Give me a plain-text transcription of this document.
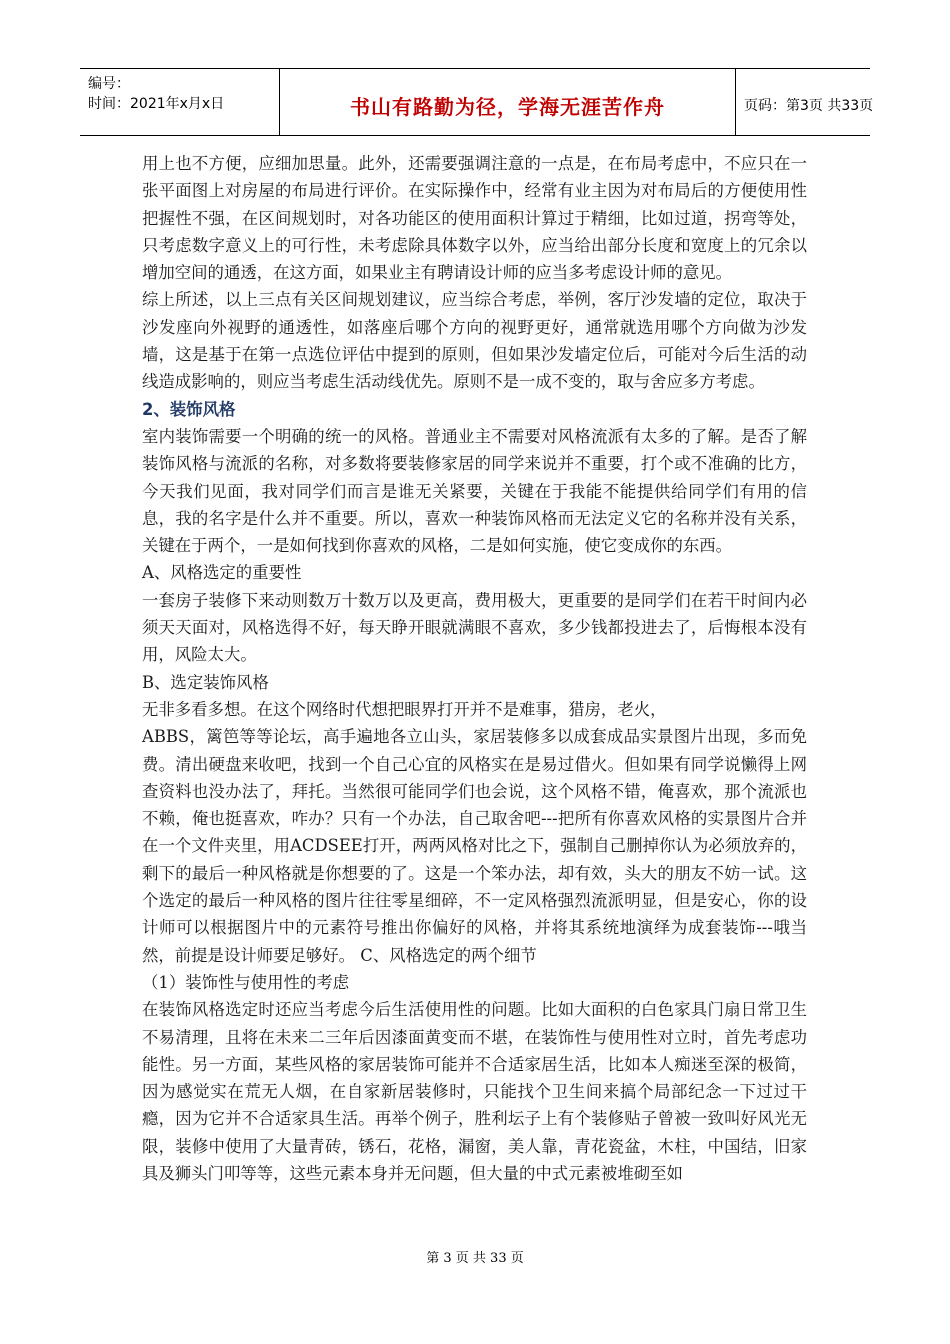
编号：
时间：2021年x月x日	书山有路勤为径，学海无涯苦作舟	页码：第3页 共33页

用上也不方便，应细加思量。此外，还需要强调注意的一点是，在布局考虑中，不应只在一张平面图上对房屋的布局进行评价。在实际操作中，经常有业主因为对布局后的方便使用性把握性不强，在区间规划时，对各功能区的使用面积计算过于精细，比如过道，拐弯等处，只考虑数字意义上的可行性，未考虑除具体数字以外，应当给出部分长度和宽度上的冗余以增加空间的通透，在这方面，如果业主有聘请设计师的应当多考虑设计师的意见。

综上所述，以上三点有关区间规划建议，应当综合考虑，举例，客厅沙发墙的定位，取决于沙发座向外视野的通透性，如落座后哪个方向的视野更好，通常就选用哪个方向做为沙发墙，这是基于在第一点选位评估中提到的原则，但如果沙发墙定位后，可能对今后生活的动线造成影响的，则应当考虑生活动线优先。原则不是一成不变的，取与舍应多方考虑。

2、装饰风格

室内装饰需要一个明确的统一的风格。普通业主不需要对风格流派有太多的了解。是否了解装饰风格与流派的名称，对多数将要装修家居的同学来说并不重要，打个或不准确的比方，今天我们见面，我对同学们而言是谁无关紧要，关键在于我能不能提供给同学们有用的信息，我的名字是什么并不重要。所以，喜欢一种装饰风格而无法定义它的名称并没有关系，关键在于两个，一是如何找到你喜欢的风格，二是如何实施，使它变成你的东西。

A、风格选定的重要性

一套房子装修下来动则数万十数万以及更高，费用极大，更重要的是同学们在若干时间内必须天天面对，风格选得不好，每天睁开眼就满眼不喜欢，多少钱都投进去了，后悔根本没有用，风险太大。

B、选定装饰风格

无非多看多想。在这个网络时代想把眼界打开并不是难事，猎房，老火，

ABBS，篱笆等等论坛，高手遍地各立山头，家居装修多以成套成品实景图片出现，多而免费。清出硬盘来收吧，找到一个自己心宜的风格实在是易过借火。但如果有同学说懒得上网查资料也没办法了，拜托。当然很可能同学们也会说，这个风格不错，俺喜欢，那个流派也不赖，俺也挺喜欢，咋办？只有一个办法，自己取舍吧---把所有你喜欢风格的实景图片合并在一个文件夹里，用ACDSEE打开，两两风格对比之下，强制自己删掉你认为必须放弃的，剩下的最后一种风格就是你想要的了。这是一个笨办法，却有效，头大的朋友不妨一试。这个选定的最后一种风格的图片往往零星细碎，不一定风格强烈流派明显，但是安心，你的设计师可以根据图片中的元素符号推出你偏好的风格，并将其系统地演绎为成套装饰---哦当然，前提是设计师要足够好。 C、风格选定的两个细节

（1）装饰性与使用性的考虑

在装饰风格选定时还应当考虑今后生活使用性的问题。比如大面积的白色家具门扇日常卫生不易清理，且将在未来二三年后因漆面黄变而不堪，在装饰性与使用性对立时，首先考虑功能性。另一方面，某些风格的家居装饰可能并不合适家居生活，比如本人痴迷至深的极简，因为感觉实在荒无人烟，在自家新居装修时，只能找个卫生间来搞个局部纪念一下过过干瘾，因为它并不合适家具生活。再举个例子，胜利坛子上有个装修贴子曾被一致叫好风光无限，装修中使用了大量青砖，锈石，花格，漏窗，美人靠，青花瓷盆，木柱，中国结，旧家具及狮头门叩等等，这些元素本身并无问题，但大量的中式元素被堆砌至如

第 3 页 共 33 页
